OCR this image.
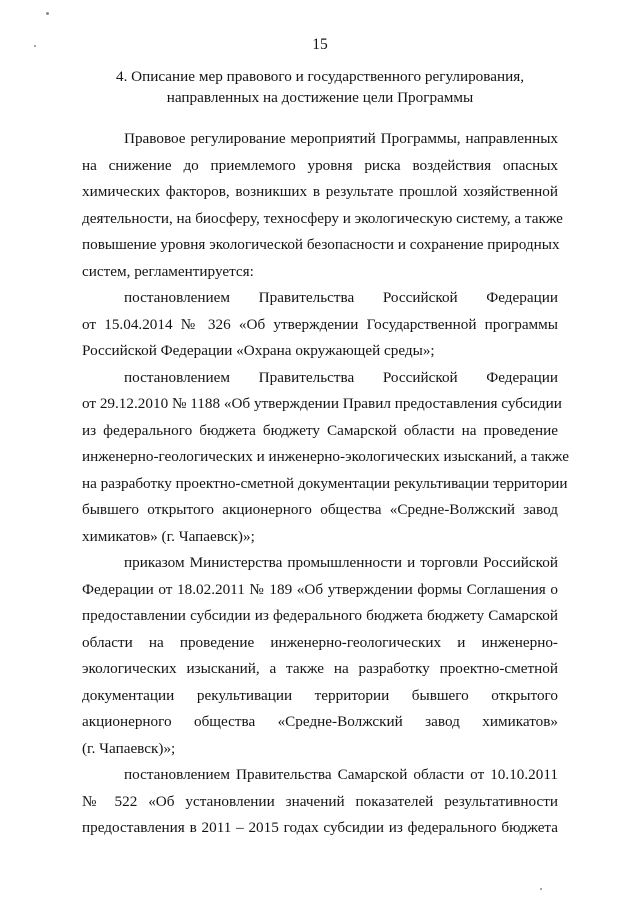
15
4. Описание мер правового и государственного регулирования,
направленных на достижение цели Программы
Правовое регулирование мероприятий Программы, направленных
на снижение до приемлемого уровня риска воздействия опасных
химических факторов, возникших в результате прошлой хозяйственной
деятельности, на биосферу, техносферу и экологическую систему, а также
повышение уровня экологической безопасности и сохранение природных
систем, регламентируется:
постановлением Правительства Российской Федерации
от 15.04.2014 № 326 «Об утверждении Государственной программы
Российской Федерации «Охрана окружающей среды»;
постановлением Правительства Российской Федерации
от 29.12.2010 № 1188 «Об утверждении Правил предоставления субсидии
из федерального бюджета бюджету Самарской области на проведение
инженерно-геологических и инженерно-экологических изысканий, а также
на разработку проектно-сметной документации рекультивации территории
бывшего открытого акционерного общества «Средне-Волжский завод
химикатов» (г. Чапаевск)»;
приказом Министерства промышленности и торговли Российской
Федерации от 18.02.2011 № 189 «Об утверждении формы Соглашения о
предоставлении субсидии из федерального бюджета бюджету Самарской
области на проведение инженерно-геологических и инженерно-
экологических изысканий, а также на разработку проектно-сметной
документации рекультивации территории бывшего открытого
акционерного общества «Средне-Волжский завод химикатов»
(г. Чапаевск)»;
постановлением Правительства Самарской области от 10.10.2011
№ 522 «Об установлении значений показателей результативности
предоставления в 2011 – 2015 годах субсидии из федерального бюджета
